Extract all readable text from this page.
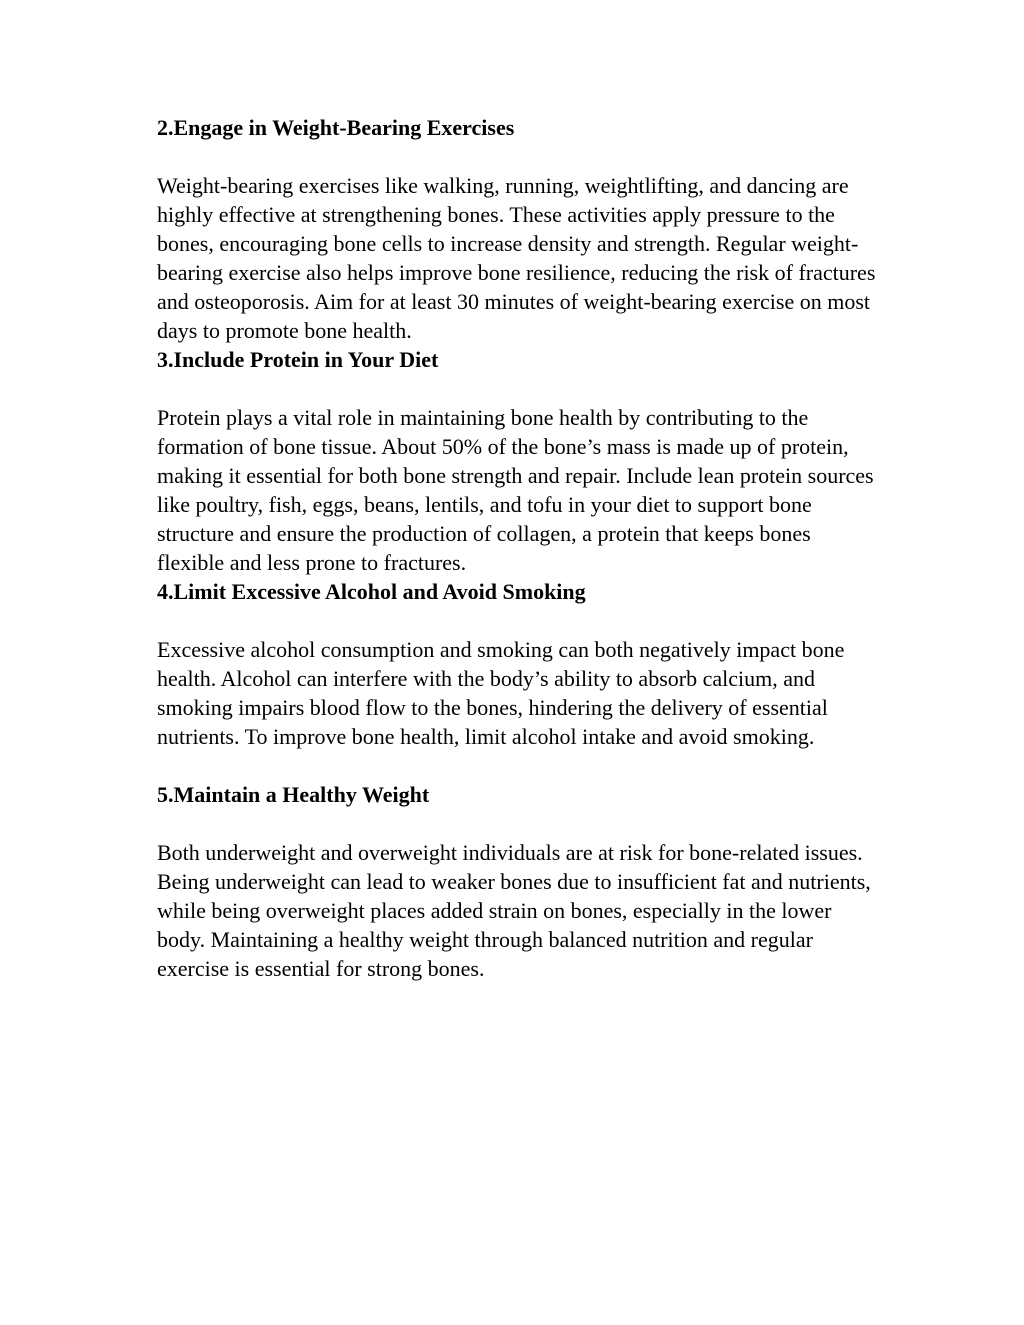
2.Engage in Weight-Bearing Exercises

Weight-bearing exercises like walking, running, weightlifting, and dancing are highly effective at strengthening bones. These activities apply pressure to the bones, encouraging bone cells to increase density and strength. Regular weight-bearing exercise also helps improve bone resilience, reducing the risk of fractures and osteoporosis. Aim for at least 30 minutes of weight-bearing exercise on most days to promote bone health.

3.Include Protein in Your Diet

Protein plays a vital role in maintaining bone health by contributing to the formation of bone tissue. About 50% of the bone’s mass is made up of protein, making it essential for both bone strength and repair. Include lean protein sources like poultry, fish, eggs, beans, lentils, and tofu in your diet to support bone structure and ensure the production of collagen, a protein that keeps bones flexible and less prone to fractures.

4.Limit Excessive Alcohol and Avoid Smoking

Excessive alcohol consumption and smoking can both negatively impact bone health. Alcohol can interfere with the body’s ability to absorb calcium, and smoking impairs blood flow to the bones, hindering the delivery of essential nutrients. To improve bone health, limit alcohol intake and avoid smoking.

5.Maintain a Healthy Weight

Both underweight and overweight individuals are at risk for bone-related issues. Being underweight can lead to weaker bones due to insufficient fat and nutrients, while being overweight places added strain on bones, especially in the lower body. Maintaining a healthy weight through balanced nutrition and regular exercise is essential for strong bones.
